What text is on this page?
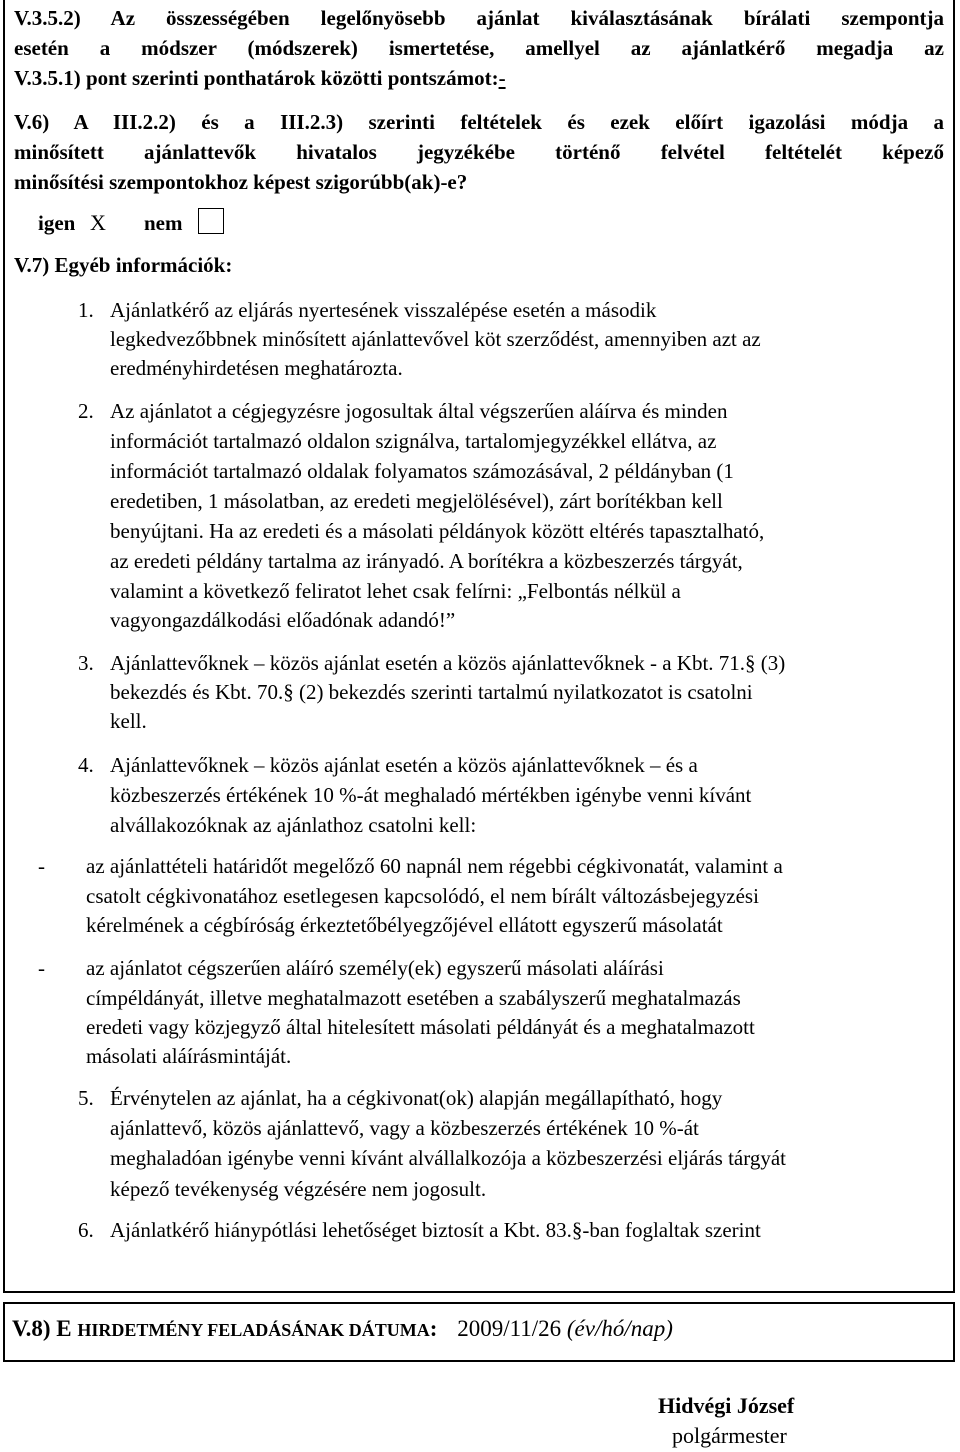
V.3.5.2) Az összességében legelőnyösebb ajánlat kiválasztásának bírálati szempontja
esetén a módszer (módszerek) ismertetése, amellyel az ajánlatkérő megadja az
V.3.5.1) pont szerinti ponthatárok közötti pontszámot:-
V.6) A III.2.2) és a III.2.3) szerinti feltételek és ezek előírt igazolási módja a
minősített ajánlattevők hivatalos jegyzékébe történő felvétel feltételét képező
minősítési szempontokhoz képest szigorúbb(ak)-e?
igen X nem
V.7) Egyéb információk:
1. Ajánlatkérő az eljárás nyertesének visszalépése esetén a második
legkedvezőbbnek minősített ajánlattevővel köt szerződést, amennyiben azt az
eredményhirdetésen meghatározta.
2. Az ajánlatot a cégjegyzésre jogosultak által végszerűen aláírva és minden
információt tartalmazó oldalon szignálva, tartalomjegyzékkel ellátva, az
információt tartalmazó oldalak folyamatos számozásával, 2 példányban (1
eredetiben, 1 másolatban, az eredeti megjelölésével), zárt borítékban kell
benyújtani. Ha az eredeti és a másolati példányok között eltérés tapasztalható,
az eredeti példány tartalma az irányadó. A borítékra a közbeszerzés tárgyát,
valamint a következő feliratot lehet csak felírni: „Felbontás nélkül a
vagyongazdálkodási előadónak adandó!”
3. Ajánlattevőknek – közös ajánlat esetén a közös ajánlattevőknek - a Kbt. 71.§ (3)
bekezdés és Kbt. 70.§ (2) bekezdés szerinti tartalmú nyilatkozatot is csatolni
kell.
4. Ajánlattevőknek – közös ajánlat esetén a közös ajánlattevőknek – és a
közbeszerzés értékének 10 %-át meghaladó mértékben igénybe venni kívánt
alvállakozóknak az ajánlathoz csatolni kell:
- az ajánlattételi határidőt megelőző 60 napnál nem régebbi cégkivonatát, valamint a
csatolt cégkivonatához esetlegesen kapcsolódó, el nem bírált változásbejegyzési
kérelmének a cégbíróság érkeztetőbélyegzőjével ellátott egyszerű másolatát
- az ajánlatot cégszerűen aláíró személy(ek) egyszerű másolati aláírási
címpéldányát, illetve meghatalmazott esetében a szabályszerű meghatalmazás
eredeti vagy közjegyző által hitelesített másolati példányát és a meghatalmazott
másolati aláírásmintáját.
5. Érvénytelen az ajánlat, ha a cégkivonat(ok) alapján megállapítható, hogy
ajánlattevő, közös ajánlattevő, vagy a közbeszerzés értékének 10 %-át
meghaladóan igénybe venni kívánt alvállalkozója a közbeszerzési eljárás tárgyát
képező tevékenység végzésére nem jogosult.
6. Ajánlatkérő hiánypótlási lehetőséget biztosít a Kbt. 83.§-ban foglaltak szerint
V.8) E HIRDETMÉNY FELADÁSÁNAK DÁTUMA: 2009/11/26 (év/hó/nap)
Hidvégi József
polgármester
